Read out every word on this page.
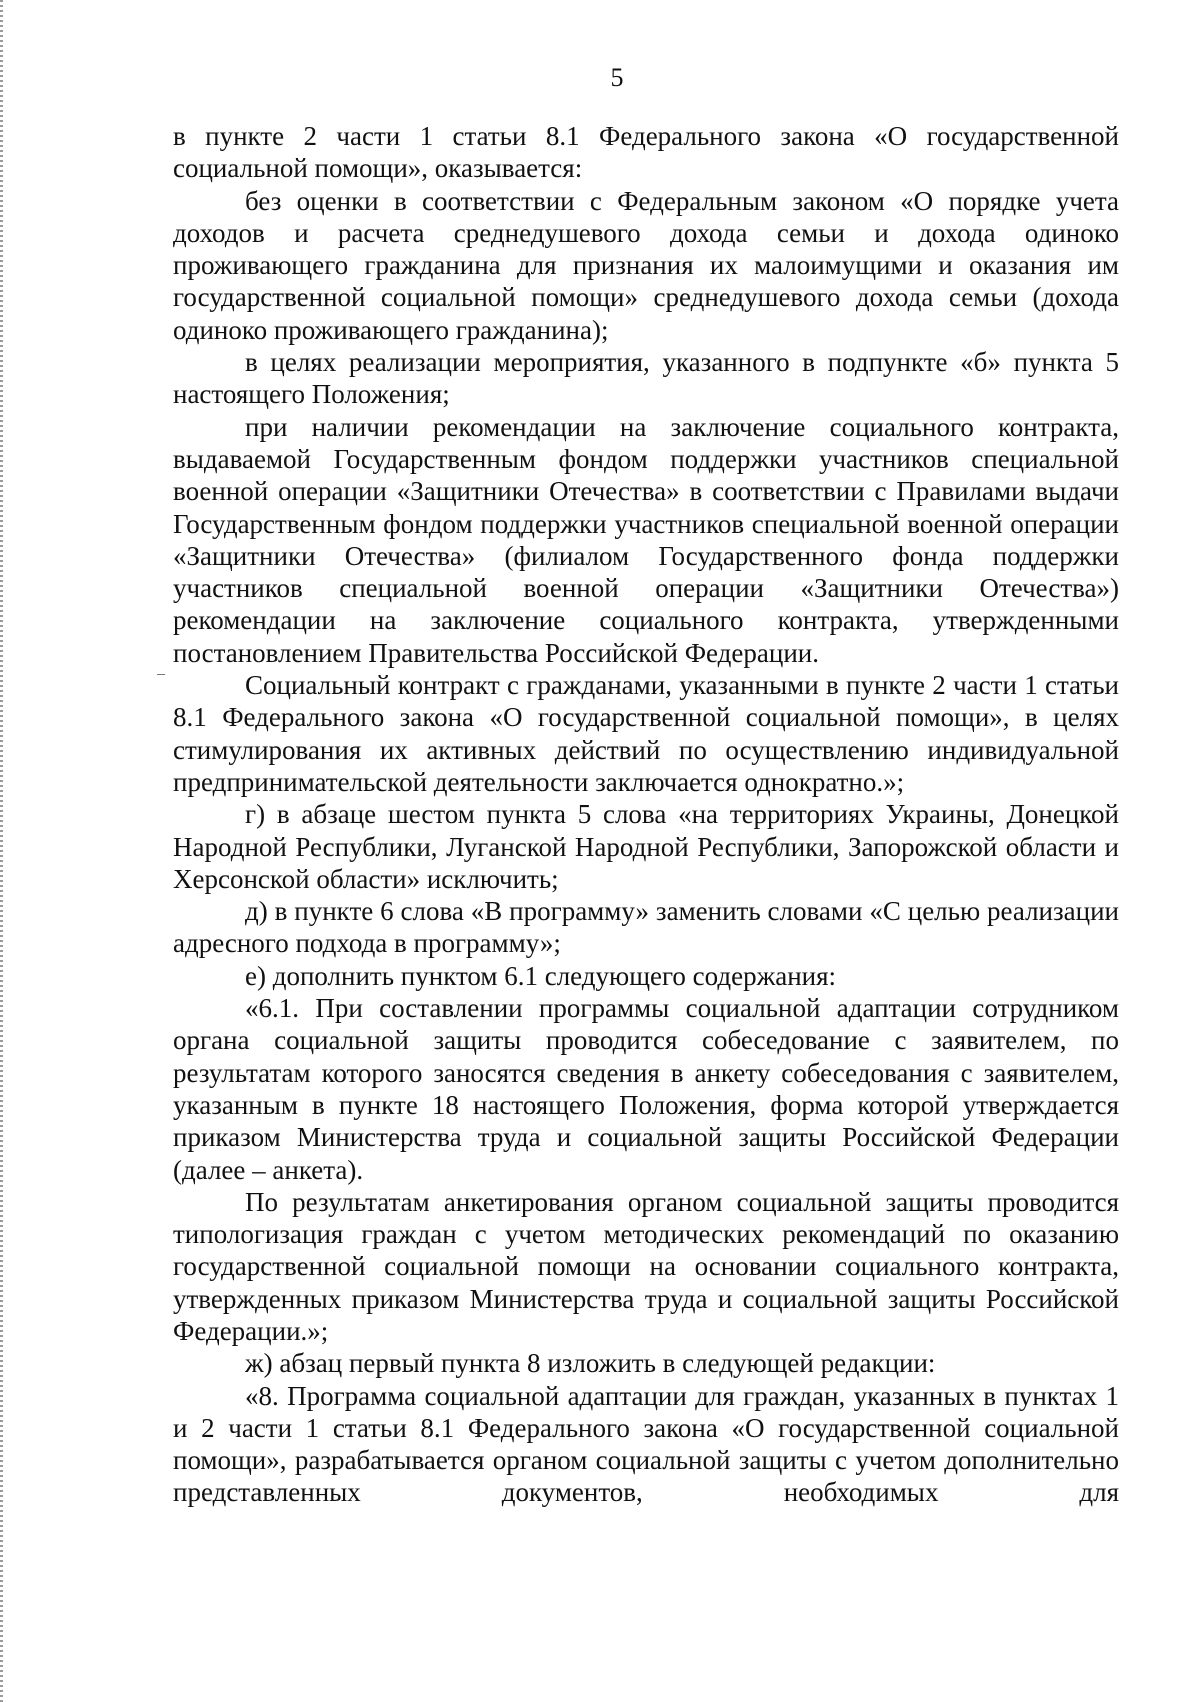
5

в пункте 2 части 1 статьи 8.1 Федерального закона «О государственной социальной помощи», оказывается:

без оценки в соответствии с Федеральным законом «О порядке учета доходов и расчета среднедушевого дохода семьи и дохода одиноко проживающего гражданина для признания их малоимущими и оказания им государственной социальной помощи» среднедушевого дохода семьи (дохода одиноко проживающего гражданина);

в целях реализации мероприятия, указанного в подпункте «б» пункта 5 настоящего Положения;

при наличии рекомендации на заключение социального контракта, выдаваемой Государственным фондом поддержки участников специальной военной операции «Защитники Отечества» в соответствии с Правилами выдачи Государственным фондом поддержки участников специальной военной операции «Защитники Отечества» (филиалом Государственного фонда поддержки участников специальной военной операции «Защитники Отечества») рекомендации на заключение социального контракта, утвержденными постановлением Правительства Российской Федерации.

Социальный контракт с гражданами, указанными в пункте 2 части 1 статьи 8.1 Федерального закона «О государственной социальной помощи», в целях стимулирования их активных действий по осуществлению индивидуальной предпринимательской деятельности заключается однократно.»;

г) в абзаце шестом пункта 5 слова «на территориях Украины, Донецкой Народной Республики, Луганской Народной Республики, Запорожской области и Херсонской области» исключить;

д) в пункте 6 слова «В программу» заменить словами «С целью реализации адресного подхода в программу»;

е) дополнить пунктом 6.1 следующего содержания:

«6.1. При составлении программы социальной адаптации сотрудником органа социальной защиты проводится собеседование с заявителем, по результатам которого заносятся сведения в анкету собеседования с заявителем, указанным в пункте 18 настоящего Положения, форма которой утверждается приказом Министерства труда и социальной защиты Российской Федерации (далее – анкета).

По результатам анкетирования органом социальной защиты проводится типологизация граждан с учетом методических рекомендаций по оказанию государственной социальной помощи на основании социального контракта, утвержденных приказом Министерства труда и социальной защиты Российской Федерации.»;

ж) абзац первый пункта 8 изложить в следующей редакции:

«8. Программа социальной адаптации для граждан, указанных в пунктах 1 и 2 части 1 статьи 8.1 Федерального закона «О государственной социальной помощи», разрабатывается органом социальной защиты с учетом дополнительно представленных документов, необходимых для
